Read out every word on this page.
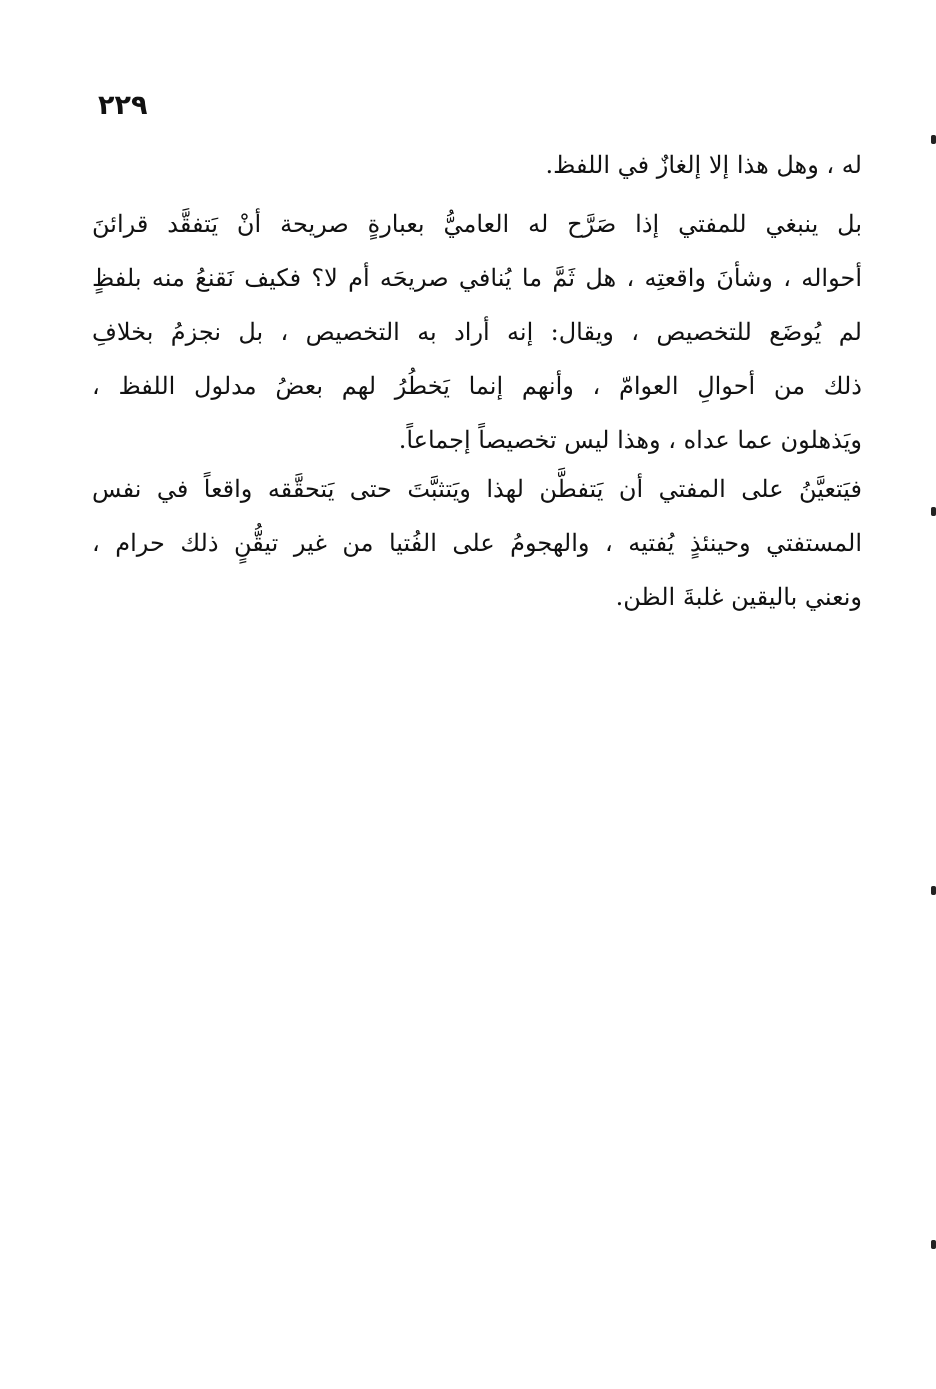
٢٢٩
له ، وهل هذا إلا إلغازٌ في اللفظ.
بل ينبغي للمفتي إذا صَرَّح له العاميُّ بعبارةٍ صريحة أنْ يَتفقَّد قرائنَ
أحواله ، وشأنَ واقعتِه ، هل ثَمَّ ما يُنافي صريحَه أم لا؟ فكيف نَقنعُ منه بلفظٍ
لم يُوضَع للتخصيص ، ويقال: إنه أراد به التخصيص ، بل نجزمُ بخلافِ
ذلك من أحوالِ العوامّ ، وأنهم إنما يَخطُرُ لهم بعضُ مدلول اللفظ ،
ويَذهلون عما عداه ، وهذا ليس تخصيصاً إجماعاً.
فيَتعيَّنُ على المفتي أن يَتفطَّن لهذا ويَتثبَّتَ حتى يَتحقَّقه واقعاً في نفس
المستفتي وحينئذٍ يُفتيه ، والهجومُ على الفُتيا من غير تيقُّنٍ ذلك حرام ،
ونعني باليقين غلبةَ الظن.
